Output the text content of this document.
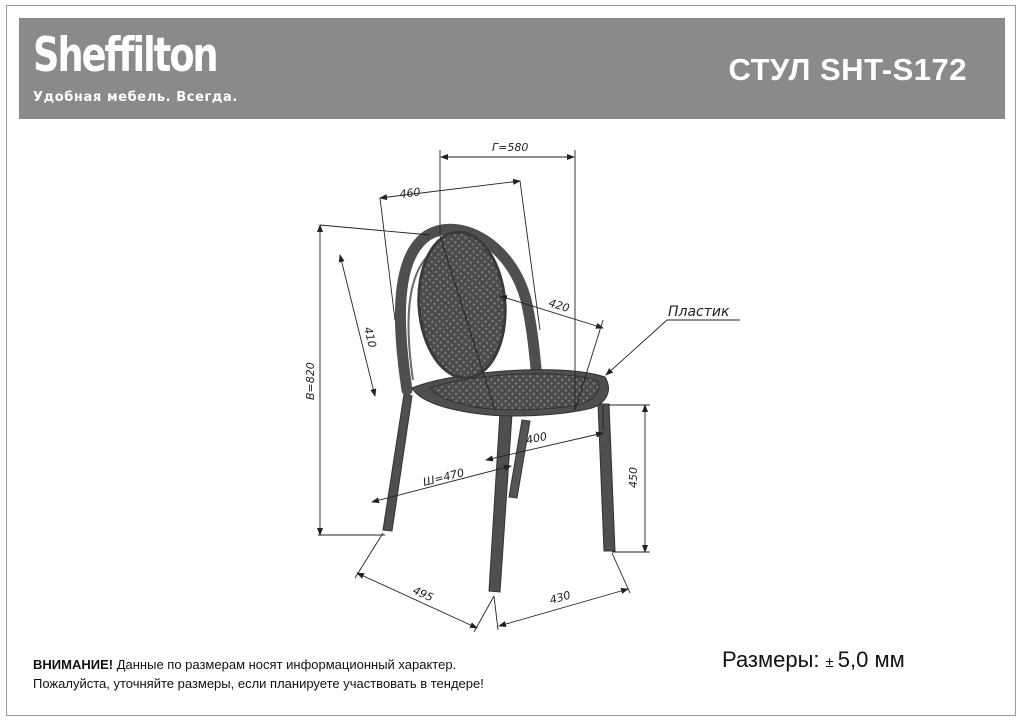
Sheffilton
Удобная мебель. Всегда.
СТУЛ SHT-S172
Г=580
460
410
420
В=820
400
Ш=470	450
495	430
Пластик
ВНИМАНИЕ! Данные по размерам носят информационный характер.
Пожалуйста, уточняйте размеры, если планируете участвовать в тендере!
Размеры: ± 5,0 мм
